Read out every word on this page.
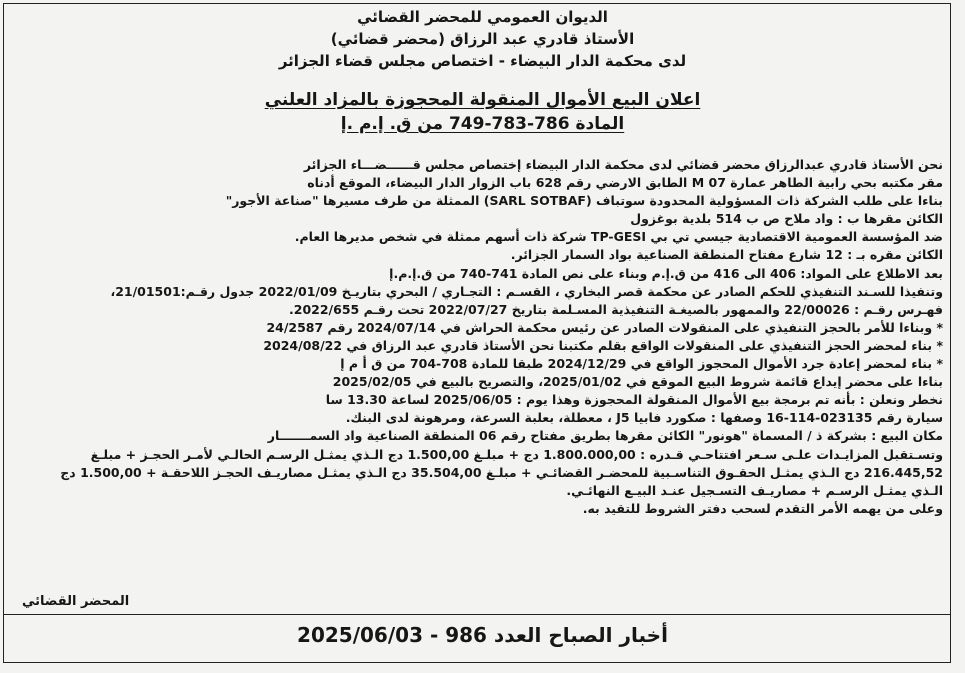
الديوان العمومي للمحضر القضائي
الأستاذ قادري عبد الرزاق (محضر قضائي)
لدى محكمة الدار البيضاء - اختصاص مجلس قضاء الجزائر
اعلان البيع الأموال المنقولة المحجوزة بالمزاد العلني
المادة 786-783-749 من ق. إ.م .إ
نحن الأستاذ قادري عبدالرزاق محضر قضائي لدى محكمة الدار البيضاء إختصاص مجلس قــــــضـــاء الجزائر
مقر مكتبه بحي رابية الطاهر عمارة M 07 الطابق الارضي رقم 628 باب الزوار الدار البيضاء، الموقع أدناه
بناءا على طلب الشركة ذات المسؤولية المحدودة سوتباف (SARL SOTBAF) الممثلة من طرف مسيرها "صناعة الأجور"
الكائن مقرها ب : واد ملاح ص ب 514 بلدية بوغزول
ضد المؤسسة العمومية الاقتصادية جيسي تي بي TP-GESI شركة ذات أسهم ممثلة في شخص مديرها العام.
الكائن مقره بـ : 12 شارع مفتاح المنطقة الصناعية بواد السمار الجزائر.
بعد الاطلاع على المواد: 406 الى 416 من ق.إ.م وبناء على نص المادة 741-740 من ق.إ.م.إ
وتنفيذا للسـند التنفيذي للحكم الصادر عن محكمة قصر البخاري ، القسـم : التجـاري / البحري بتاريـخ 2022/01/09 جدول رقـم:21/01501،
فهـرس رقـم : 22/00026 والممهور بالصيغـة التنفيذية المسـلمة بتاريخ 2022/07/27 تحت رقـم 2022/655.
* وبناءا للأمر بالحجز التنفيذي على المنقولات الصادر عن رئيس محكمة الحراش في 2024/07/14 رقم 24/2587
* بناء لمحضر الحجز التنفيذي على المنقولات الواقع بقلم مكتبنا نحن الأستاذ قادري عبد الرزاق في 2024/08/22
* بناء لمحضر إعادة جرد الأموال المحجوز الواقع في 2024/12/29 طبقا للمادة 708-704 من ق أ م إ
بناءا على محضر إيداع قائمة شروط البيع الموقع في 2025/01/02، والتصريح بالبيع في 2025/02/05
نخطر ونعلن : بأنه تم برمجة بيع الأموال المنقولة المحجوزة وهذا يوم : 2025/06/05 لساعة 13.30 سا
سيارة رقم 023135-114-16 وصفها : صكورد فابيا J5 ، معطلة، بعلبة السرعة، ومرهونة لدى البنك.
مكان البيع : بشركة ذ / المسماة "هونور" الكائن مقرها بطريق مفتاح رقم 06 المنطقة الصناعية واد السمـــــــار
وتسـتقبل المزايـدات علـى سـعر افتتاحـي قـدره : 1.800.000,00 دج + مبلـغ 1.500,00 دج الـذي يمثـل الرسـم الحالـي لأمـر الحجـز + مبلـغ
216.445,52 دج الـذي يمثـل الحقـوق التناسـبية للمحضـر القضائـي + مبلـغ 35.504,00 دج الـذي يمثـل مصاريـف الحجـز اللاحقـة + 1.500,00 دج
الـذي يمثـل الرسـم + مصاريـف التسـجيل عنـد البيـع النهائـي.
وعلى من يهمه الأمر التقدم لسحب دفتر الشروط للتقيد به.
المحضر القضائي
أخبار الصباح العدد 986 - 2025/06/03
